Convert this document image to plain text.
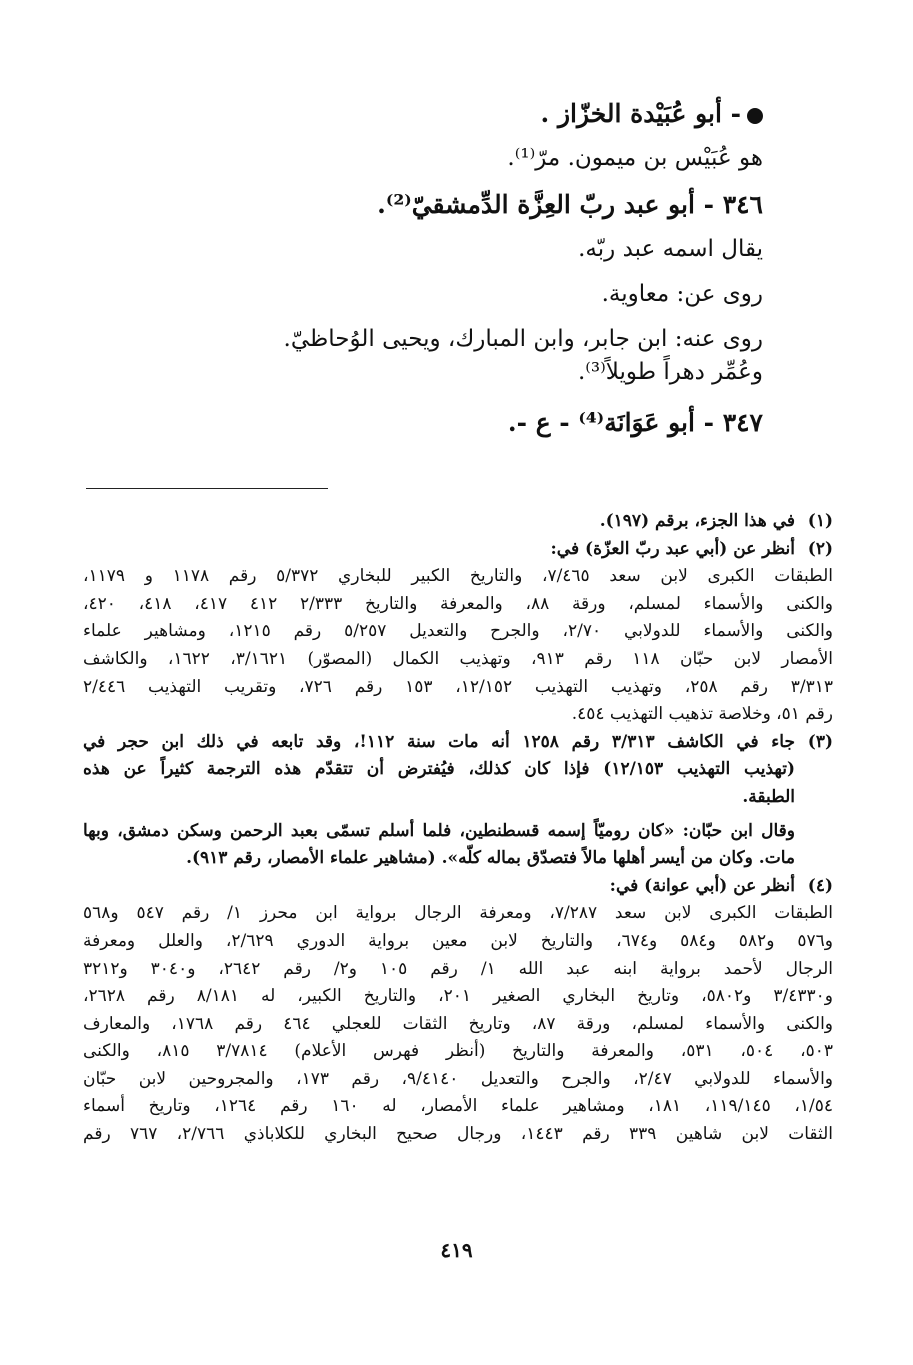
- أبو عُبَيْدة الخزّاز .

هو عُبَيْس بن ميمون. مرّ⁽¹⁾.

٣٤٦ - أبو عبد ربّ العِزَّة الدِّمشقيّ⁽²⁾.

يقال اسمه عبد ربّه.

روى عن: معاوية.

روى عنه: ابن جابر، وابن المبارك، ويحيى الوُحاظيّ.

وعُمِّر دهراً طويلاً⁽³⁾.

٣٤٧ - أبو عَوَانَة⁽⁴⁾ - ع -.

(١)
في هذا الجزء، برقم (١٩٧).
(٢)
أنظر عن (أبي عبد ربّ العزّة) في:
الطبقات الكبرى لابن سعد ٧/٤٦٥، والتاريخ الكبير للبخاري ٥/٣٧٢ رقم ١١٧٨ و ١١٧٩،
والكنى والأسماء لمسلم، ورقة ٨٨، والمعرفة والتاريخ ٢/٣٣٣ ٤١٢ ٤١٧، ٤١٨، ٤٢٠،
والكنى والأسماء للدولابي ٢/٧٠، والجرح والتعديل ٥/٢٥٧ رقم ١٢١٥، ومشاهير علماء
الأمصار لابن حبّان ١١٨ رقم ٩١٣، وتهذيب الكمال (المصوّر) ٣/١٦٢١، ١٦٢٢، والكاشف
٣/٣١٣ رقم ٢٥٨، وتهذيب التهذيب ١٢/١٥٢، ١٥٣ رقم ٧٢٦، وتقريب التهذيب ٢/٤٤٦
رقم ٥١، وخلاصة تذهيب التهذيب ٤٥٤.
(٣)
جاء في الكاشف ٣/٣١٣ رقم ١٢٥٨ أنه مات سنة ١١٢!، وقد تابعه في ذلك ابن حجر في
(تهذيب التهذيب ١٢/١٥٣) فإذا كان كذلك، فيُفترض أن تتقدّم هذه الترجمة كثيراً عن هذه
الطبقة.
وقال ابن حبّان: «كان روميّاً إسمه قسطنطين، فلما أسلم تسمّى بعبد الرحمن وسكن دمشق، وبها
مات. وكان من أيسر أهلها مالاً فتصدّق بماله كلّه». (مشاهير علماء الأمصار، رقم ٩١٣).
(٤)
أنظر عن (أبي عوانة) في:
الطبقات الكبرى لابن سعد ٧/٢٨٧، ومعرفة الرجال برواية ابن محرز ١/ رقم ٥٤٧ و٥٦٨
و٥٧٦ و٥٨٢ و٥٨٤ و٦٧٤، والتاريخ لابن معين برواية الدوري ٢/٦٢٩، والعلل ومعرفة
الرجال لأحمد برواية ابنه عبد الله ١/ رقم ١٠٥ و٢/ رقم ٢٦٤٢، و٣٠٤٠ و٣٢١٢
و٣/٤٣٣٠ و٥٨٠٢، وتاريخ البخاري الصغير ٢٠١، والتاريخ الكبير، له ٨/١٨١ رقم ٢٦٢٨،
والكنى والأسماء لمسلم، ورقة ٨٧، وتاريخ الثقات للعجلي ٤٦٤ رقم ١٧٦٨، والمعارف
٥٠٣، ٥٠٤، ٥٣١، والمعرفة والتاريخ (أنظر فهرس الأعلام) ٣/٧٨١٤ ٨١٥، والكنى
والأسماء للدولابي ٢/٤٧، والجرح والتعديل ٩/٤١٤٠، رقم ١٧٣، والمجروحين لابن حبّان
١/٥٤، ١١٩/١٤٥، ١٨١، ومشاهير علماء الأمصار، له ١٦٠ رقم ١٢٦٤، وتاريخ أسماء
الثقات لابن شاهين ٣٣٩ رقم ١٤٤٣، ورجال صحيح البخاري للكلاباذي ٢/٧٦٦، ٧٦٧ رقم
٤١٩
